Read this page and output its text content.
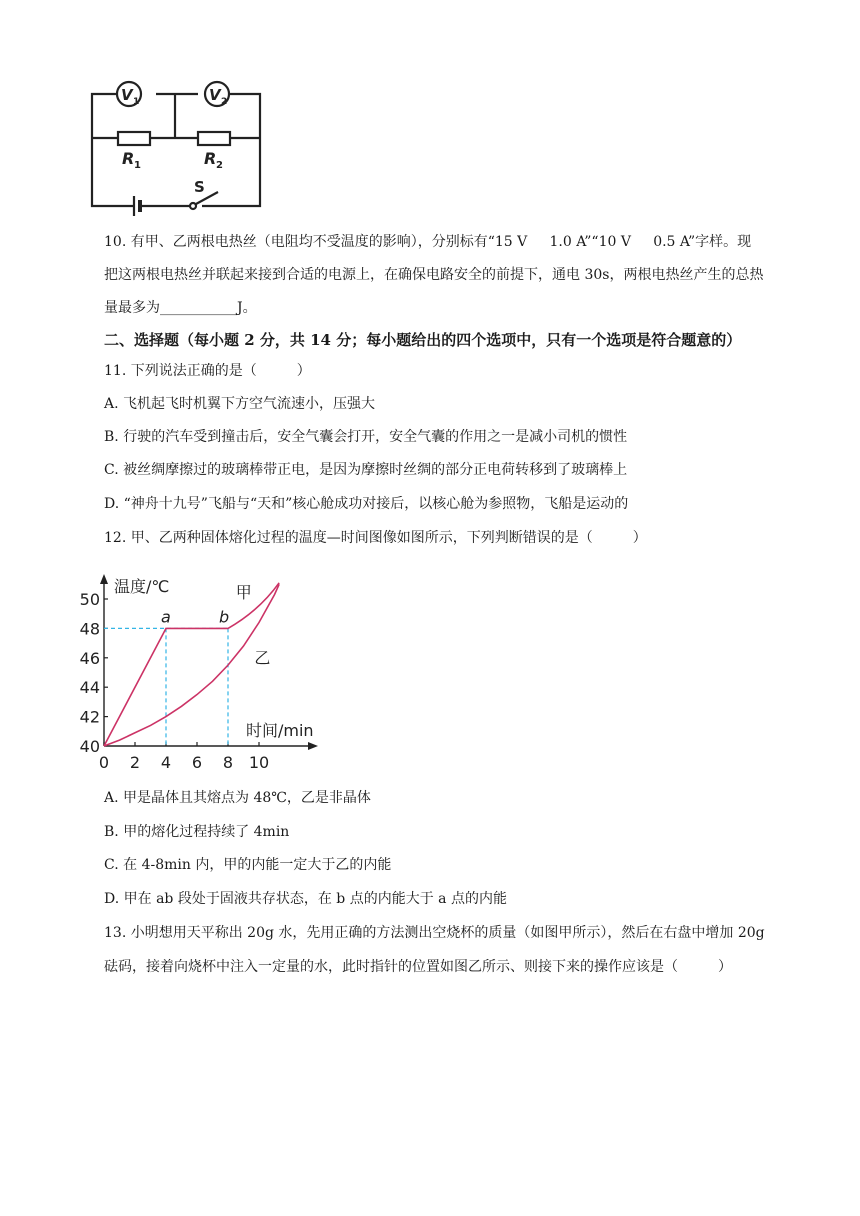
V 1	V 2
R 1	R 2
S
10. 有甲、乙两根电热丝（电阻均不受温度的影响），分别标有“15 V     1.0 A”“10 V     0.5 A”字样。现
把这两根电热丝并联起来接到合适的电源上，在确保电路安全的前提下，通电 30s，两根电热丝产生的总热
量最多为___________J。
二、选择题（每小题 2 分，共 14 分；每小题给出的四个选项中，只有一个选项是符合题意的）
11. 下列说法正确的是（         ）
A. 飞机起飞时机翼下方空气流速小，压强大
B. 行驶的汽车受到撞击后，安全气囊会打开，安全气囊的作用之一是减小司机的惯性
C. 被丝绸摩擦过的玻璃棒带正电，是因为摩擦时丝绸的部分正电荷转移到了玻璃棒上
D. “神舟十九号”飞船与“天和”核心舱成功对接后，以核心舱为参照物，飞船是运动的
12. 甲、乙两种固体熔化过程的温度—时间图像如图所示，下列判断错误的是（         ）
0 2 4 6 8 10
40
42
44
46
48
50
温度/℃
时间/min
甲
乙
a	b
A. 甲是晶体且其熔点为 48℃，乙是非晶体
B. 甲的熔化过程持续了 4min
C. 在 4-8min 内，甲的内能一定大于乙的内能
D. 甲在 ab 段处于固液共存状态，在 b 点的内能大于 a 点的内能
13. 小明想用天平称出 20g 水，先用正确的方法测出空烧杯的质量（如图甲所示），然后在右盘中增加 20g
砝码，接着向烧杯中注入一定量的水，此时指针的位置如图乙所示、则接下来的操作应该是（         ）
